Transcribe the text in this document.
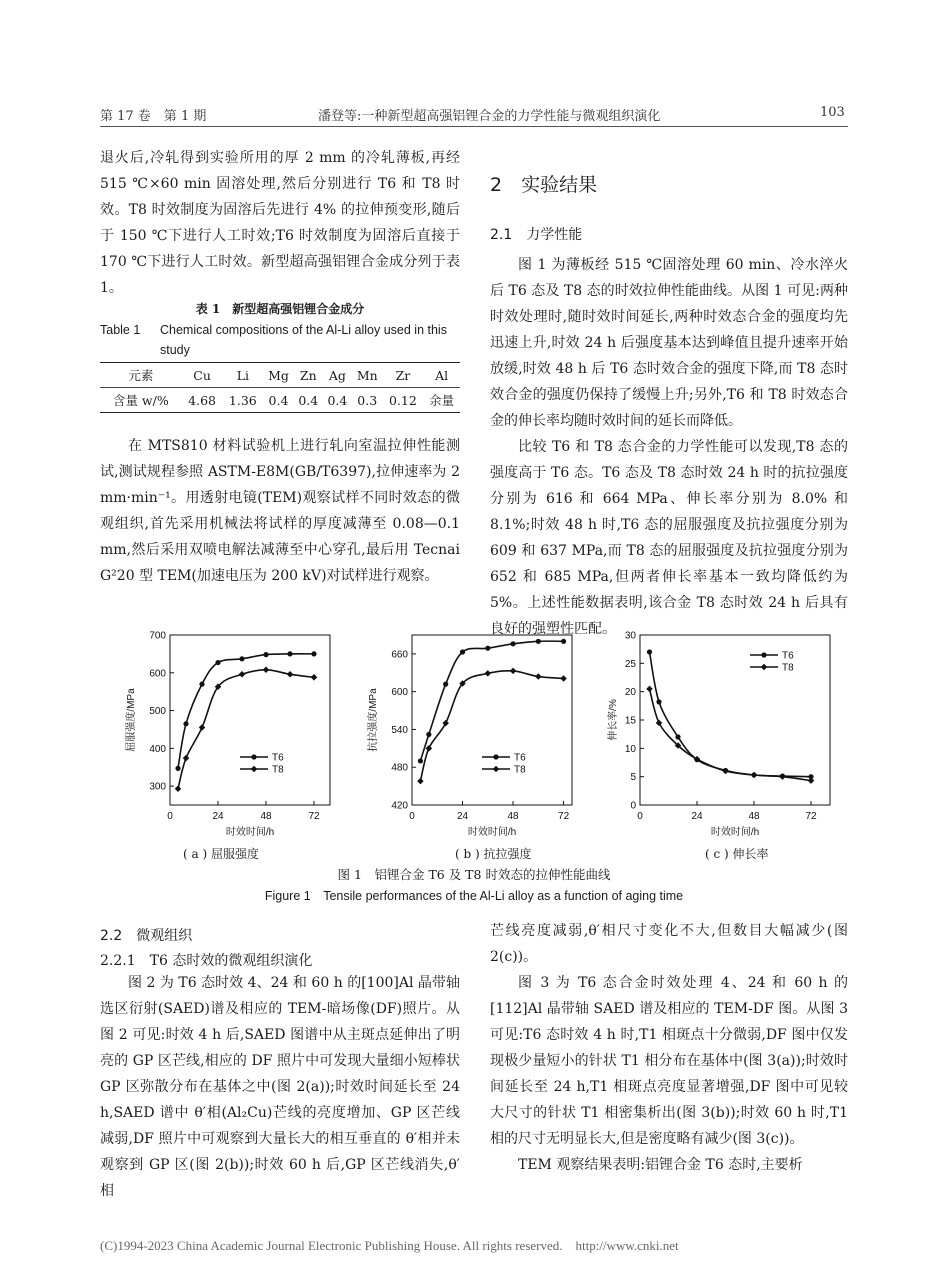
第 17 卷　第 1 期	潘登等:一种新型超高强铝锂合金的力学性能与微观组织演化	103

退火后,冷轧得到实验所用的厚 2 mm 的冷轧薄板,再经 515 ℃×60 min 固溶处理,然后分别进行 T6 和 T8 时效。T8 时效制度为固溶后先进行 4% 的拉伸预变形,随后于 150 ℃下进行人工时效;T6 时效制度为固溶后直接于 170 ℃下进行人工时效。新型超高强铝锂合金成分列于表1。

表 1　新型超高强铝锂合金成分
Table 1 Chemical compositions of the Al-Li alloy used in this study
元素	Cu	Li	Mg	Zn	Ag	Mn	Zr	Al
含量 w/%	4.68	1.36	0.4	0.4	0.4	0.3	0.12	余量

在 MTS810 材料试验机上进行轧向室温拉伸性能测试,测试规程参照 ASTM-E8M(GB/T6397),拉伸速率为 2 mm·min⁻¹。用透射电镜(TEM)观察试样不同时效态的微观组织,首先采用机械法将试样的厚度减薄至 0.08—0.1 mm,然后采用双喷电解法减薄至中心穿孔,最后用 Tecnai G²20 型 TEM(加速电压为 200 kV)对试样进行观察。

2　实验结果
2.1　力学性能

图 1 为薄板经 515 ℃固溶处理 60 min、冷水淬火后 T6 态及 T8 态的时效拉伸性能曲线。从图 1 可见:两种时效处理时,随时效时间延长,两种时效态合金的强度均先迅速上升,时效 24 h 后强度基本达到峰值且提升速率开始放缓,时效 48 h 后 T6 态时效合金的强度下降,而 T8 态时效合金的强度仍保持了缓慢上升;另外,T6 和 T8 时效态合金的伸长率均随时效时间的延长而降低。

比较 T6 和 T8 态合金的力学性能可以发现,T8 态的强度高于 T6 态。T6 态及 T8 态时效 24 h 时的抗拉强度分别为 616 和 664 MPa、伸长率分别为 8.0% 和 8.1%;时效 48 h 时,T6 态的屈服强度及抗拉强度分别为 609 和 637 MPa,而 T8 态的屈服强度及抗拉强度分别为 652 和 685 MPa,但两者伸长率基本一致均降低约为 5%。上述性能数据表明,该合金 T8 态时效 24 h 后具有良好的强塑性匹配。

300
400
500
600
700
0	24	48	72
时效时间/h
屈服强度/MPa
T6
T8
420
480
540
600
660
0	24	48	72
时效时间/h
抗拉强度/MPa
T6
T8
0
5
10
15
20
25
30
0	24	48	72
时效时间/h
伸长率/%
T6
T8
( a ) 屈服强度	( b ) 抗拉强度	( c ) 伸长率
图 1　铝锂合金 T6 及 T8 时效态的拉伸性能曲线
Figure 1　Tensile performances of the Al-Li alloy as a function of aging time
2.2　微观组织
2.2.1　T6 态时效的微观组织演化

图 2 为 T6 态时效 4、24 和 60 h 的[100]Al 晶带轴选区衍射(SAED)谱及相应的 TEM-暗场像(DF)照片。从图 2 可见:时效 4 h 后,SAED 图谱中从主斑点延伸出了明亮的 GP 区芒线,相应的 DF 照片中可发现大量细小短棒状 GP 区弥散分布在基体之中(图 2(a));时效时间延长至 24 h,SAED 谱中 θ′相(Al₂Cu)芒线的亮度增加、GP 区芒线减弱,DF 照片中可观察到大量长大的相互垂直的 θ′相并未观察到 GP 区(图 2(b));时效 60 h 后,GP 区芒线消失,θ′相

芒线亮度减弱,θ′相尺寸变化不大,但数目大幅减少(图 2(c))。

图 3 为 T6 态合金时效处理 4、24 和 60 h 的[112]Al 晶带轴 SAED 谱及相应的 TEM-DF 图。从图 3 可见:T6 态时效 4 h 时,T1 相斑点十分微弱,DF 图中仅发现极少量短小的针状 T1 相分布在基体中(图 3(a));时效时间延长至 24 h,T1 相斑点亮度显著增强,DF 图中可见较大尺寸的针状 T1 相密集析出(图 3(b));时效 60 h 时,T1 相的尺寸无明显长大,但是密度略有减少(图 3(c))。

TEM 观察结果表明:铝锂合金 T6 态时,主要析

(C)1994-2023 China Academic Journal Electronic Publishing House. All rights reserved.　http://www.cnki.net
